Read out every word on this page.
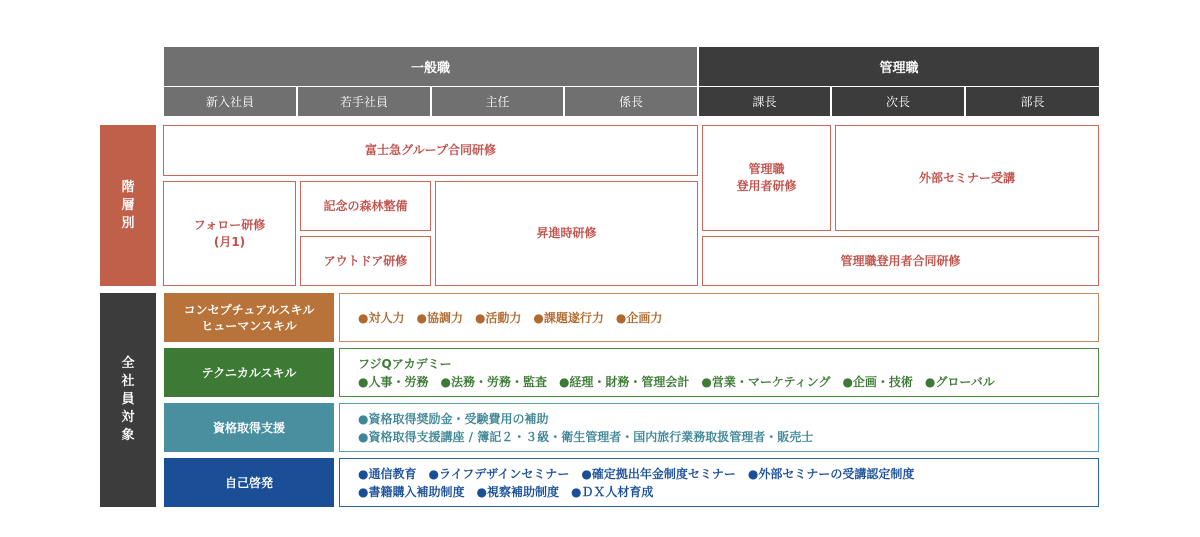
一般職	管理職
新入社員	若手社員	主任	係長	課長	次長	部長
階
層
別
全
社
員
対
象
富士急グループ合同研修
フォロー研修
(月1)
記念の森林整備
アウトドア研修
昇進時研修
管理職
登用者研修
外部セミナー受講
管理職登用者合同研修
コンセプチュアルスキル
ヒューマンスキル
●対人力　●協調力　●活動力　●課題遂行力　●企画力
テクニカルスキル
フジQアカデミー
●人事・労務　●法務・労務・監査　●経理・財務・管理会計　●営業・マーケティング　●企画・技術　●グローバル
資格取得支援
●資格取得奨励金・受験費用の補助
●資格取得支援講座 / 簿記２・３級・衛生管理者・国内旅行業務取扱管理者・販売士
自己啓発
●通信教育　●ライフデザインセミナー　●確定拠出年金制度セミナー　●外部セミナーの受講認定制度
●書籍購入補助制度　●視察補助制度　●ＤＸ人材育成
